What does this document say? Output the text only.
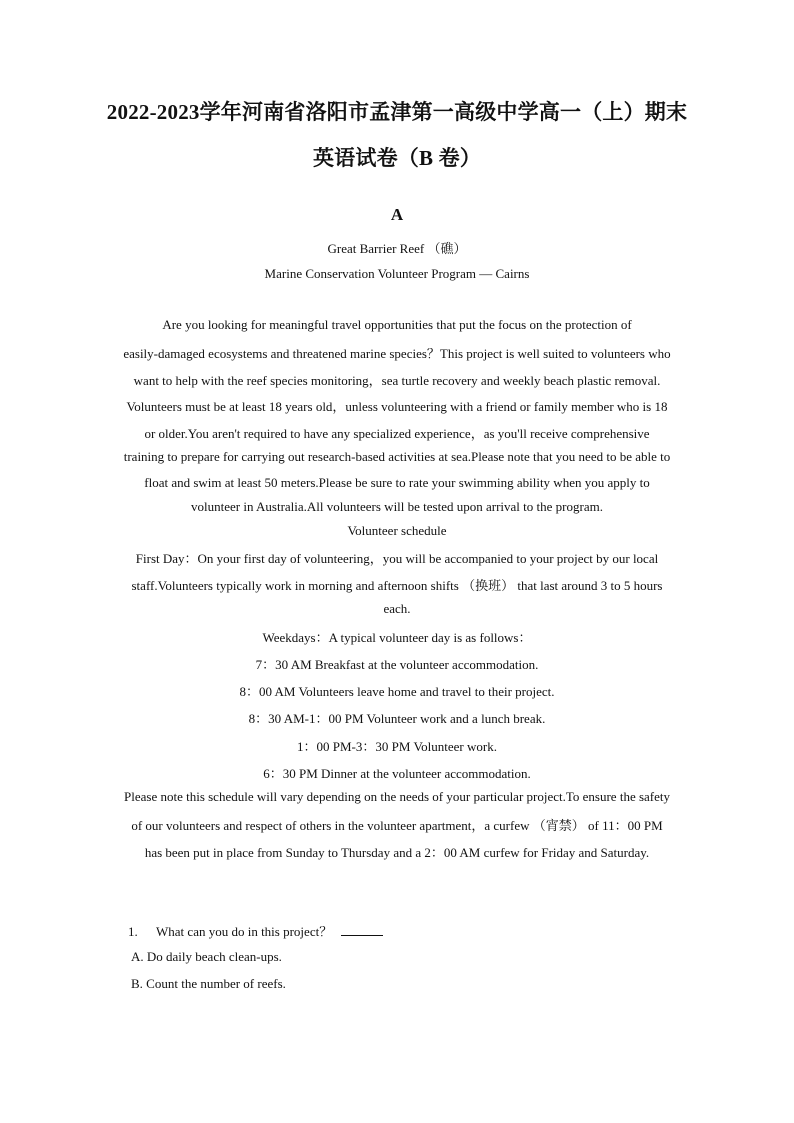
2022-2023学年河南省洛阳市孟津第一高级中学高一（上）期末
英语试卷（B 卷）
A
Great Barrier Reef （礁）
Marine Conservation Volunteer Program — Cairns
Are you looking for meaningful travel opportunities that put the focus on the protection of
easily-damaged ecosystems and threatened marine species？This project is well suited to volunteers who
want to help with the reef species monitoring，sea turtle recovery and weekly beach plastic removal.
Volunteers must be at least 18 years old，unless volunteering with a friend or family member who is 18
or older.You aren't required to have any specialized experience，as you'll receive comprehensive
training to prepare for carrying out research-based activities at sea.Please note that you need to be able to
float and swim at least 50 meters.Please be sure to rate your swimming ability when you apply to
volunteer in Australia.All volunteers will be tested upon arrival to the program.
Volunteer schedule
First Day：On your first day of volunteering，you will be accompanied to your project by our local
staff.Volunteers typically work in morning and afternoon shifts （换班） that last around 3 to 5 hours
each.
Weekdays：A typical volunteer day is as follows：
7：30 AM Breakfast at the volunteer accommodation.
8：00 AM Volunteers leave home and travel to their project.
8：30 AM-1：00 PM Volunteer work and a lunch break.
1：00 PM-3：30 PM Volunteer work.
6：30 PM Dinner at the volunteer accommodation.
Please note this schedule will vary depending on the needs of your particular project.To ensure the safety
of our volunteers and respect of others in the volunteer apartment，a curfew （宵禁） of 11：00 PM
has been put in place from Sunday to Thursday and a 2：00 AM curfew for Friday and Saturday.
1. What can you do in this project？
A. Do daily beach clean-ups.
B. Count the number of reefs.
